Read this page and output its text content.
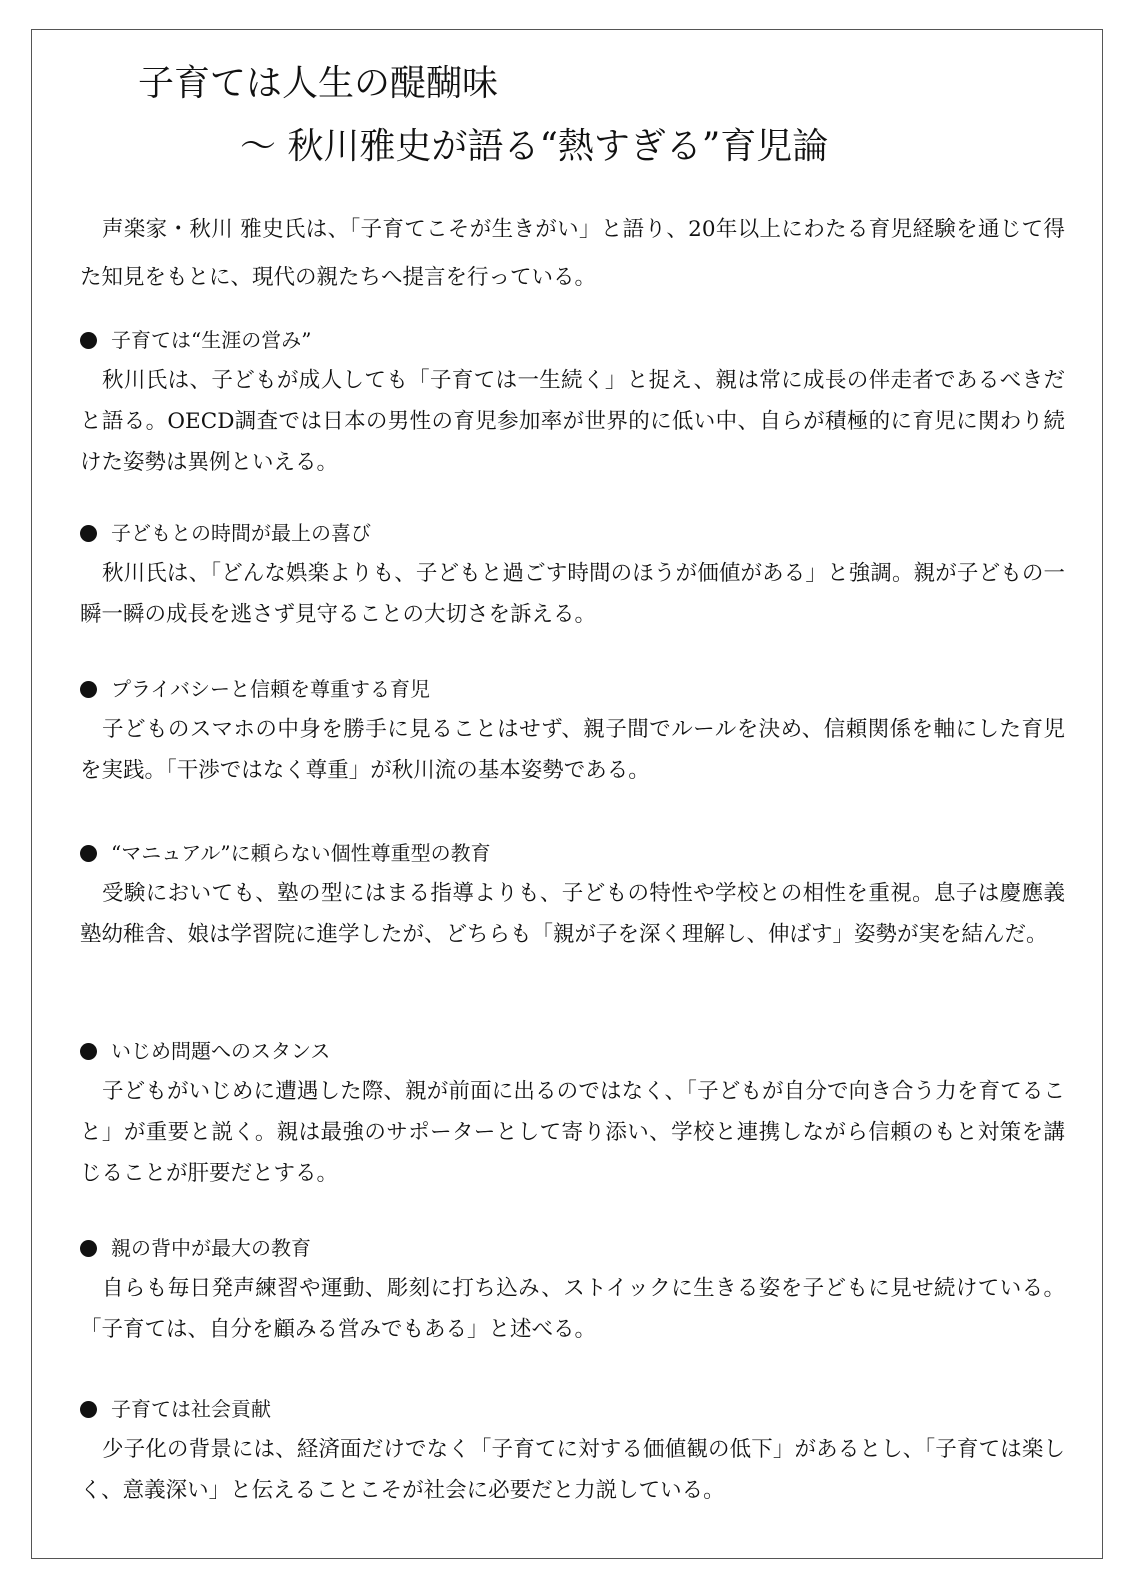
子育ては人生の醍醐味
～ 秋川雅史が語る“熱すぎる”育児論

声楽家・秋川 雅史氏は、「子育てこそが生きがい」と語り、20年以上にわたる育児経験を通じて得た知見をもとに、現代の親たちへ提言を行っている。

子育ては“生涯の営み”

秋川氏は、子どもが成人しても「子育ては一生続く」と捉え、親は常に成長の伴走者であるべきだと語る。OECD調査では日本の男性の育児参加率が世界的に低い中、自らが積極的に育児に関わり続けた姿勢は異例といえる。

子どもとの時間が最上の喜び

秋川氏は、「どんな娯楽よりも、子どもと過ごす時間のほうが価値がある」と強調。親が子どもの一瞬一瞬の成長を逃さず見守ることの大切さを訴える。

プライバシーと信頼を尊重する育児

子どものスマホの中身を勝手に見ることはせず、親子間でルールを決め、信頼関係を軸にした育児を実践。「干渉ではなく尊重」が秋川流の基本姿勢である。

“マニュアル”に頼らない個性尊重型の教育

受験においても、塾の型にはまる指導よりも、子どもの特性や学校との相性を重視。息子は慶應義塾幼稚舎、娘は学習院に進学したが、どちらも「親が子を深く理解し、伸ばす」姿勢が実を結んだ。

いじめ問題へのスタンス

子どもがいじめに遭遇した際、親が前面に出るのではなく、「子どもが自分で向き合う力を育てること」が重要と説く。親は最強のサポーターとして寄り添い、学校と連携しながら信頼のもと対策を講じることが肝要だとする。

親の背中が最大の教育

自らも毎日発声練習や運動、彫刻に打ち込み、ストイックに生きる姿を子どもに見せ続けている。「子育ては、自分を顧みる営みでもある」と述べる。

子育ては社会貢献

少子化の背景には、経済面だけでなく「子育てに対する価値観の低下」があるとし、「子育ては楽しく、意義深い」と伝えることこそが社会に必要だと力説している。
